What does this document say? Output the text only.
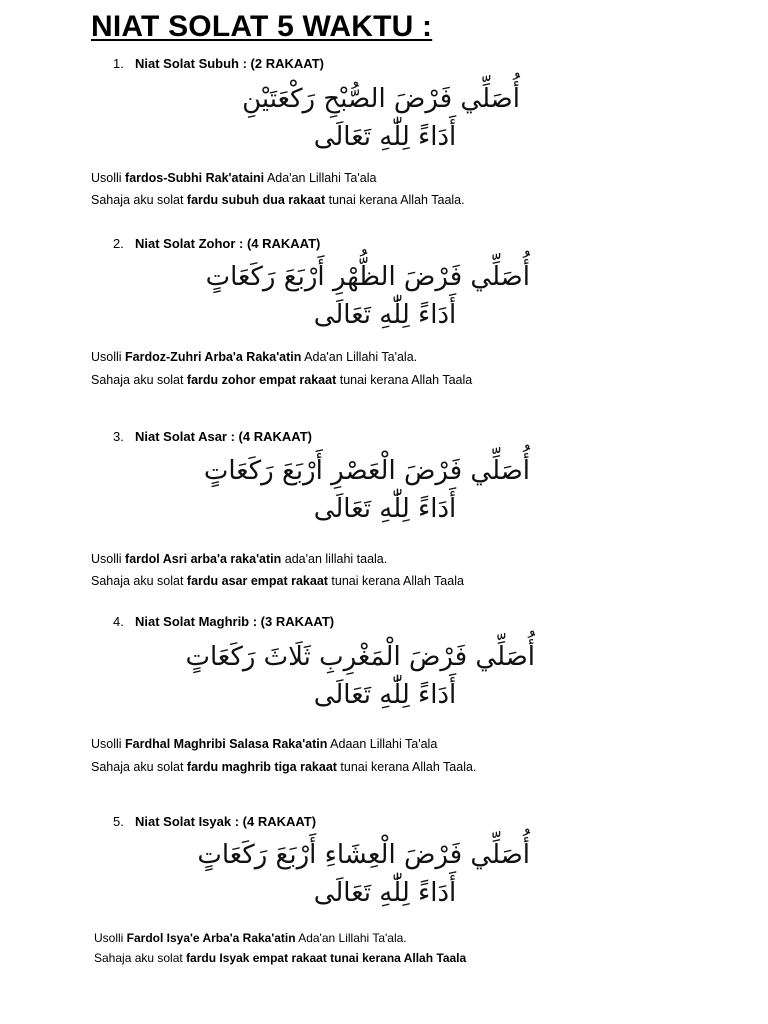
NIAT SOLAT 5 WAKTU :
1. Niat Solat Subuh : (2 RAKAAT)
أُصَلِّي فَرْضَ الصُّبْحِ رَكْعَتَيْنِ
أَدَاءً لِلّٰهِ تَعَالَى
Usolli fardos-Subhi Rak'ataini Ada'an Lillahi Ta'ala
Sahaja aku solat fardu subuh dua rakaat tunai kerana Allah Taala.
2. Niat Solat Zohor : (4 RAKAAT)
أُصَلِّي فَرْضَ الظُّهْرِ أَرْبَعَ رَكَعَاتٍ
أَدَاءً لِلّٰهِ تَعَالَى
Usolli Fardoz-Zuhri Arba'a Raka'atin Ada'an Lillahi Ta'ala.
Sahaja aku solat fardu zohor empat rakaat tunai kerana Allah Taala
3. Niat Solat Asar : (4 RAKAAT)
أُصَلِّي فَرْضَ الْعَصْرِ أَرْبَعَ رَكَعَاتٍ
أَدَاءً لِلّٰهِ تَعَالَى
Usolli fardol Asri arba'a raka'atin ada'an lillahi taala.
Sahaja aku solat fardu asar empat rakaat tunai kerana Allah Taala
4. Niat Solat Maghrib : (3 RAKAAT)
أُصَلِّي فَرْضَ الْمَغْرِبِ ثَلَاثَ رَكَعَاتٍ
أَدَاءً لِلّٰهِ تَعَالَى
Usolli Fardhal Maghribi Salasa Raka'atin Adaan Lillahi Ta'ala
Sahaja aku solat fardu maghrib tiga rakaat tunai kerana Allah Taala.
5. Niat Solat Isyak : (4 RAKAAT)
أُصَلِّي فَرْضَ الْعِشَاءِ أَرْبَعَ رَكَعَاتٍ
أَدَاءً لِلّٰهِ تَعَالَى
Usolli Fardol Isya'e Arba'a Raka'atin Ada'an Lillahi Ta'ala.
Sahaja aku solat fardu Isyak empat rakaat tunai kerana Allah Taala
